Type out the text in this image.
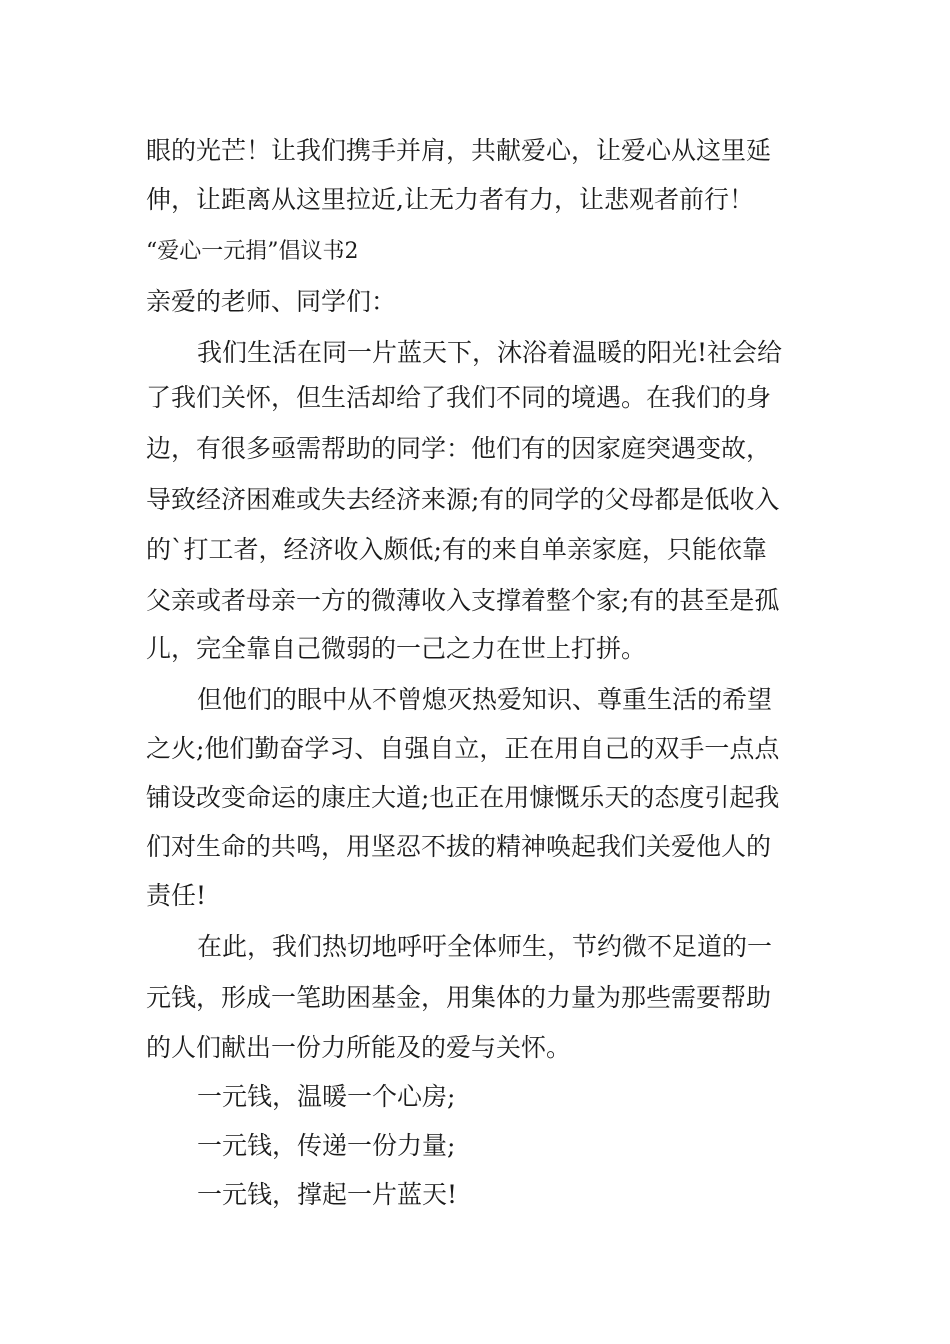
眼的光芒！让我们携手并肩，共献爱心，让爱心从这里延

伸，让距离从这里拉近,让无力者有力，让悲观者前行！

“爱心一元捐”倡议书2

亲爱的老师、同学们：

我们生活在同一片蓝天下，沐浴着温暖的阳光!社会给

了我们关怀，但生活却给了我们不同的境遇。在我们的身

边，有很多亟需帮助的同学：他们有的因家庭突遇变故，

导致经济困难或失去经济来源;有的同学的父母都是低收入

的`打工者，经济收入颇低;有的来自单亲家庭，只能依靠

父亲或者母亲一方的微薄收入支撑着整个家;有的甚至是孤

儿，完全靠自己微弱的一己之力在世上打拼。

但他们的眼中从不曾熄灭热爱知识、尊重生活的希望

之火;他们勤奋学习、自强自立，正在用自己的双手一点点

铺设改变命运的康庄大道;也正在用慷慨乐天的态度引起我

们对生命的共鸣，用坚忍不拔的精神唤起我们关爱他人的

责任!

在此，我们热切地呼吁全体师生，节约微不足道的一

元钱，形成一笔助困基金，用集体的力量为那些需要帮助

的人们献出一份力所能及的爱与关怀。

一元钱，温暖一个心房;

一元钱，传递一份力量;

一元钱，撑起一片蓝天!
